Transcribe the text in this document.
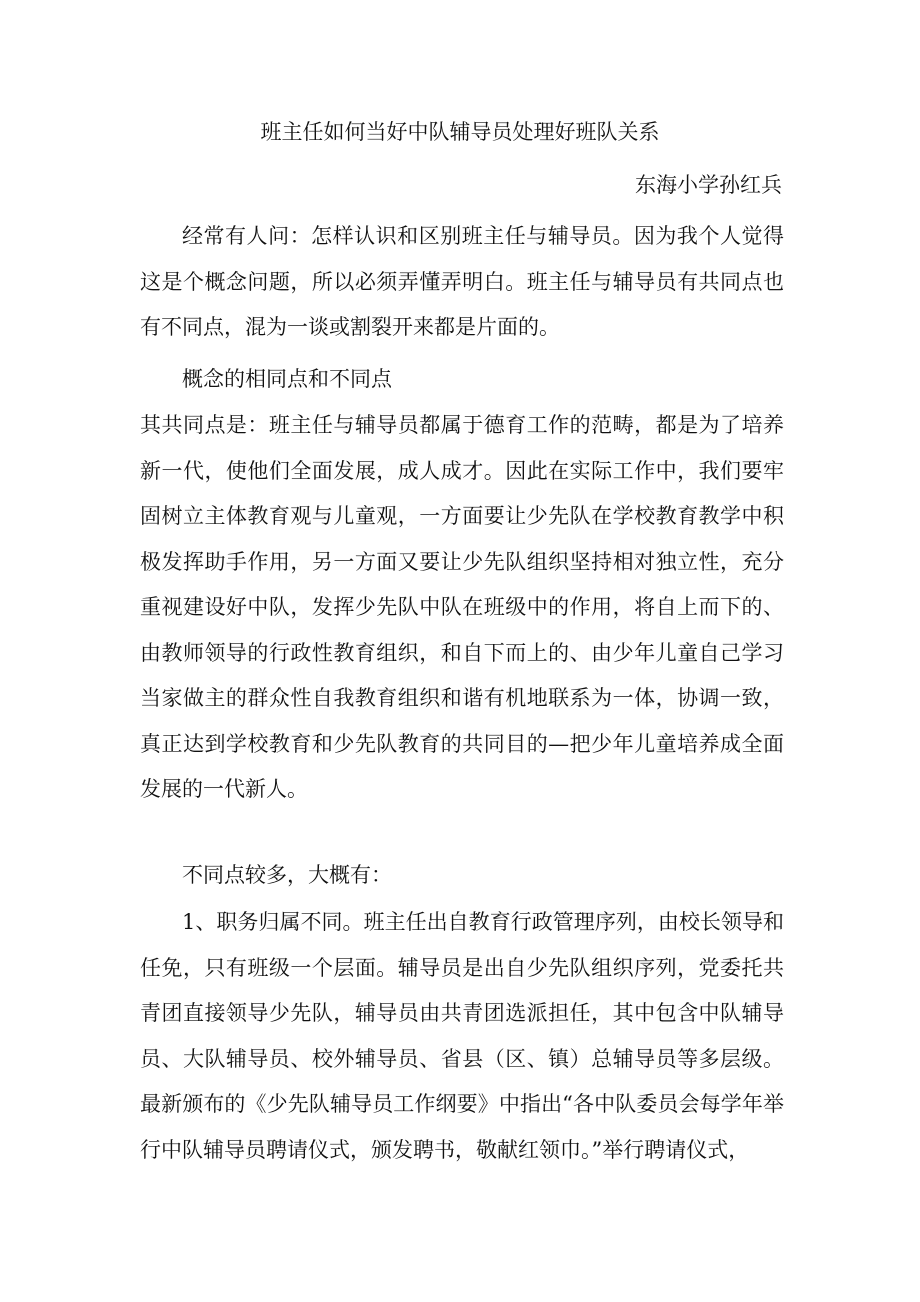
班主任如何当好中队辅导员处理好班队关系
东海小学孙红兵

经常有人问：怎样认识和区别班主任与辅导员。因为我个人觉得这是个概念问题，所以必须弄懂弄明白。班主任与辅导员有共同点也有不同点，混为一谈或割裂开来都是片面的。

概念的相同点和不同点

其共同点是：班主任与辅导员都属于德育工作的范畴，都是为了培养新一代，使他们全面发展，成人成才。因此在实际工作中，我们要牢固树立主体教育观与儿童观，一方面要让少先队在学校教育教学中积极发挥助手作用，另一方面又要让少先队组织坚持相对独立性，充分重视建设好中队，发挥少先队中队在班级中的作用，将自上而下的、由教师领导的行政性教育组织，和自下而上的、由少年儿童自己学习当家做主的群众性自我教育组织和谐有机地联系为一体，协调一致，真正达到学校教育和少先队教育的共同目的—把少年儿童培养成全面发展的一代新人。

不同点较多，大概有：

1、职务归属不同。班主任出自教育行政管理序列，由校长领导和任免，只有班级一个层面。辅导员是出自少先队组织序列，党委托共青团直接领导少先队，辅导员由共青团选派担任，其中包含中队辅导员、大队辅导员、校外辅导员、省县（区、镇）总辅导员等多层级。最新颁布的《少先队辅导员工作纲要》中指出“各中队委员会每学年举行中队辅导员聘请仪式，颁发聘书，敬献红领巾。”举行聘请仪式，
